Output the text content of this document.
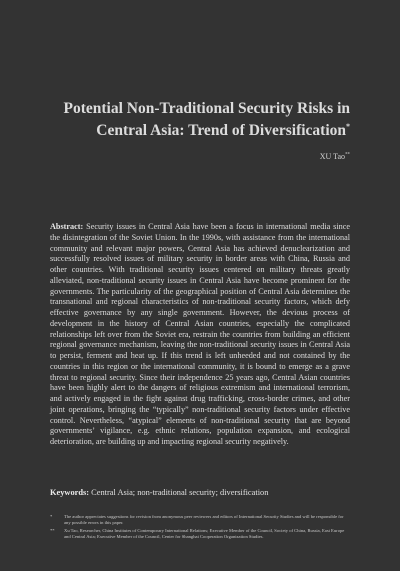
Potential Non-Traditional Security Risks in
Central Asia: Trend of Diversification*
XU Tao**
Abstract: Security issues in Central Asia have been a focus in international media since the disintegration of the Soviet Union. In the 1990s, with assistance from the international community and relevant major powers, Central Asia has achieved denuclearization and successfully resolved issues of military security in border areas with China, Russia and other countries. With traditional security issues centered on military threats greatly alleviated, non-traditional security issues in Central Asia have become prominent for the governments. The particularity of the geographical position of Central Asia determines the transnational and regional characteristics of non-traditional security factors, which defy effective governance by any single government. However, the devious process of development in the history of Central Asian countries, especially the complicated relationships left over from the Soviet era, restrain the countries from building an efficient regional governance mechanism, leaving the non-traditional security issues in Central Asia to persist, ferment and heat up. If this trend is left unheeded and not contained by the countries in this region or the international community, it is bound to emerge as a grave threat to regional security. Since their independence 25 years ago, Central Asian countries have been highly alert to the dangers of religious extremism and international terrorism, and actively engaged in the fight against drug trafficking, cross-border crimes, and other joint operations, bringing the “typically” non-traditional security factors under effective control. Nevertheless, “atypical” elements of non-traditional security that are beyond governments’ vigilance, e.g. ethnic relations, population expansion, and ecological deterioration, are building up and impacting regional security negatively.
Keywords: Central Asia; non-traditional security; diversification
*	The author appreciates suggestions for revision from anonymous peer reviewers and editors of International Security Studies and will be responsible for any possible errors in this paper.
**	Xu Tao, Researcher, China Institutes of Contemporary International Relations; Executive Member of the Council, Society of China, Russia, East Europe and Central Asia; Executive Member of the Council, Center for Shanghai Cooperation Organization Studies.
